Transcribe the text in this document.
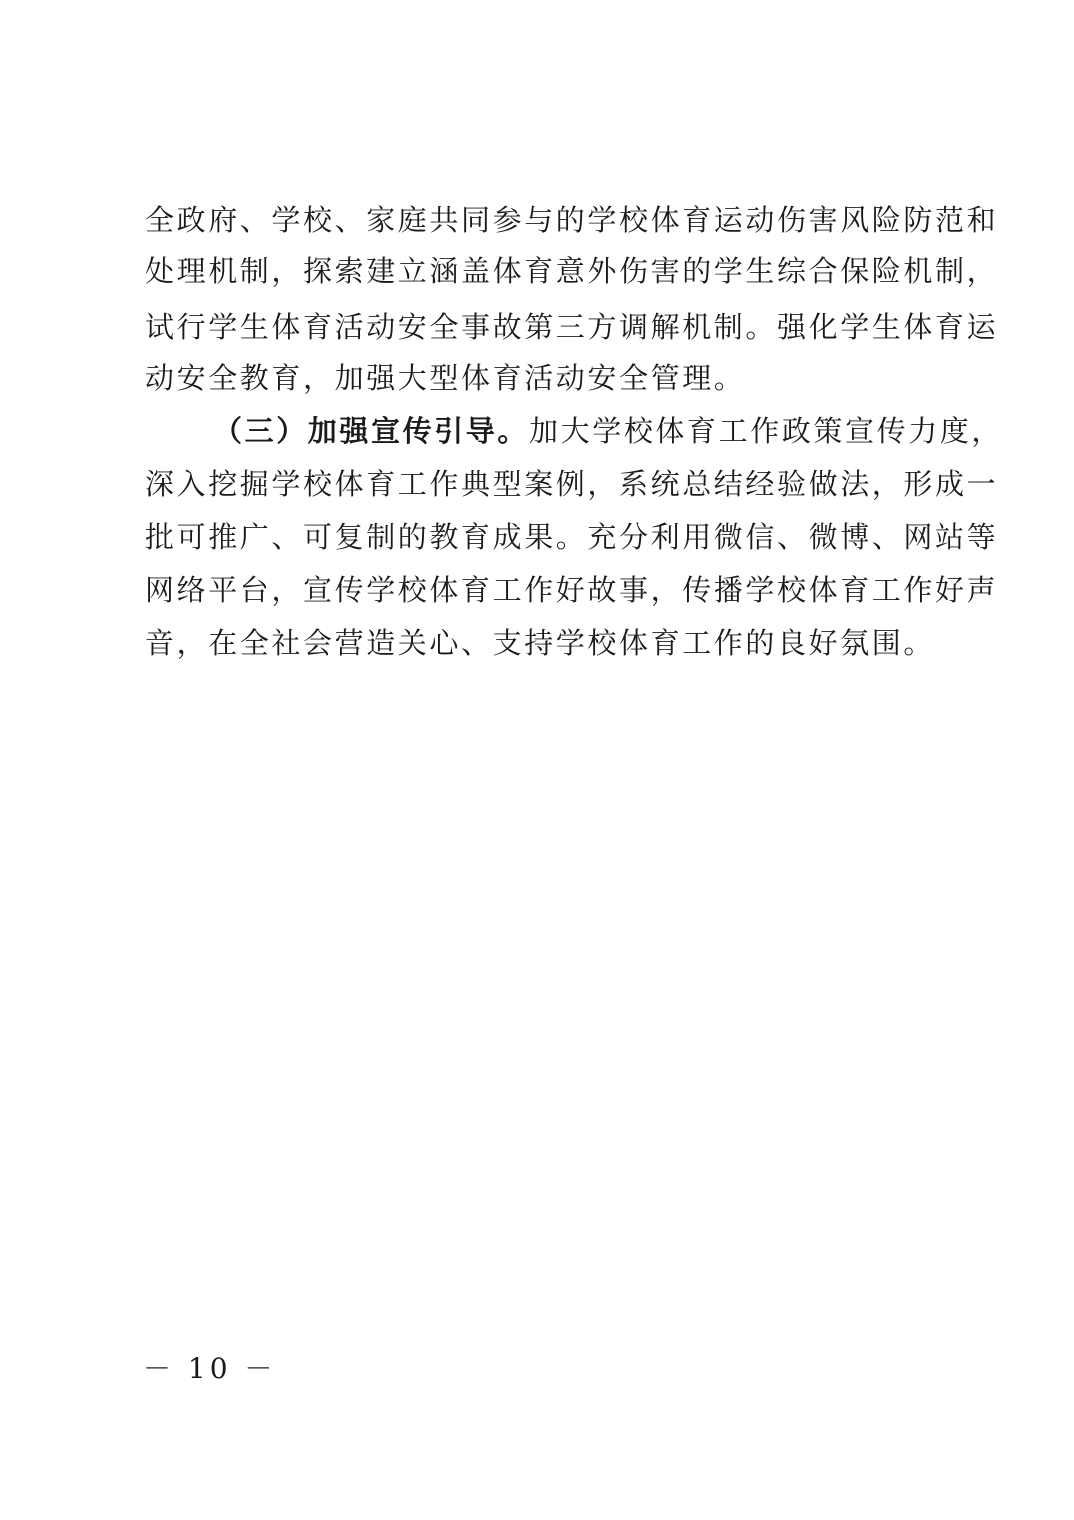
全政府、学校、家庭共同参与的学校体育运动伤害风险防范和
处理机制，探索建立涵盖体育意外伤害的学生综合保险机制，
试行学生体育活动安全事故第三方调解机制。强化学生体育运
动安全教育，加强大型体育活动安全管理。
（三）加强宣传引导。加大学校体育工作政策宣传力度，
深入挖掘学校体育工作典型案例，系统总结经验做法，形成一
批可推广、可复制的教育成果。充分利用微信、微博、网站等
网络平台，宣传学校体育工作好故事，传播学校体育工作好声
音，在全社会营造关心、支持学校体育工作的良好氛围。
－ 10 －
